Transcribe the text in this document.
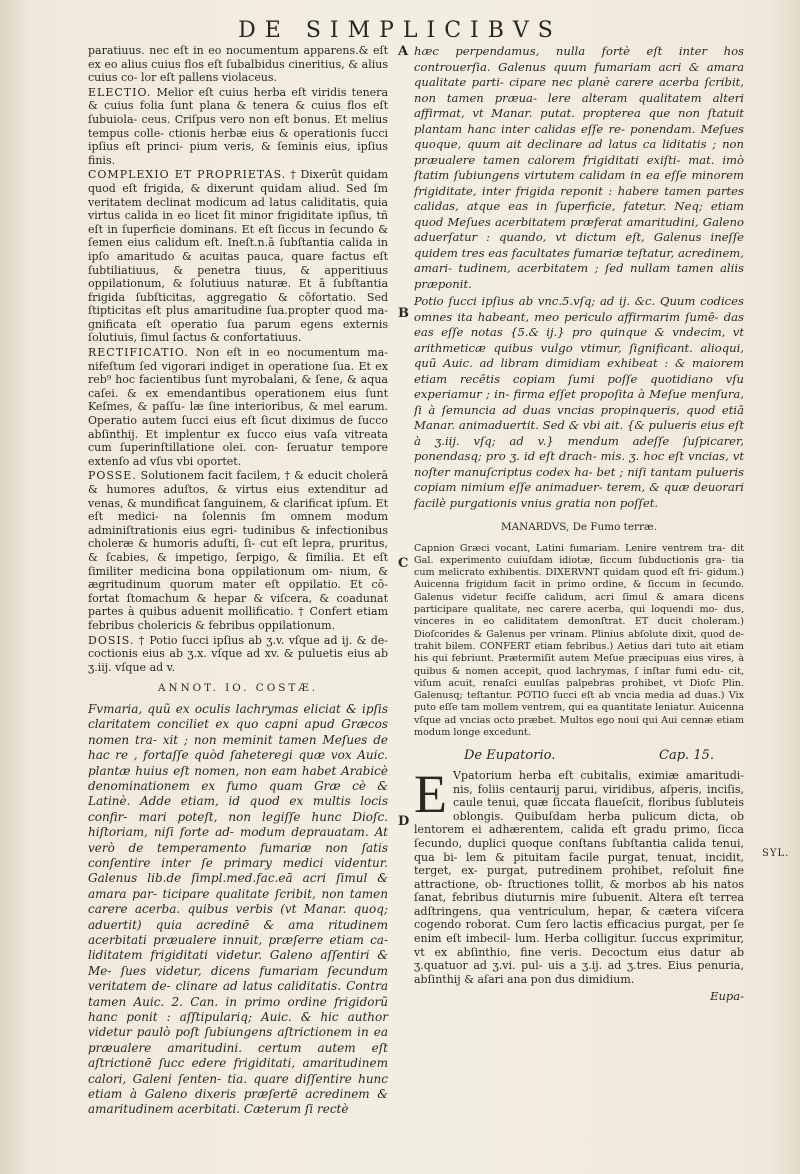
DE SIMPLICIBVS
A
B
C
D
SYL.

paratiuus. nec eſt in eo nocumentum apparens.& eſt ex eo alius cuius flos eſt ſubalbidus cineritius, & alius cuius co- lor eſt pallens violaceus.

ELECTIO. Melior eſt cuius herba eſt viridis tenera & cuius folia ſunt plana & tenera & cuius flos eſt ſubuiola- ceus. Criſpus vero non eſt bonus. Et melius tempus colle- ctionis herbæ eius & operationis ſucci ipſius eſt princi- pium veris, & ſeminis eius, ipſius finis.

COMPLEXIO ET PROPRIETAS. † Dixerūt quidam quod eſt frigida, & dixerunt quidam aliud. Sed ſm veritatem declinat modicum ad latus caliditatis, quia virtus calida in eo licet ſit minor frigiditate ipſius, tñ eſt in ſuperficie dominans. Et eſt ſiccus in ſecundo & ſemen eius calidum eſt. Ineſt.n.ā ſubſtantia calida in ipſo amaritudo & acuitas pauca, quare factus eſt ſubtiliatiuus, & penetra tiuus, & apperitiuus oppilationum, & ſolutiuus naturæ. Et ā ſubſtantia frigida ſubſticitas, aggregatio & cōfortatio. Sed ſtipticitas eſt plus amaritudine ſua.propter quod ma- gnificata eſt operatio ſua parum egens externis ſolutiuis, ſimul ſactus & confortatiuus.

RECTIFICATIO. Non eſt in eo nocumentum ma- nifeſtum ſed vigorari indiget in operatione ſua. Et ex reb⁹ hoc facientibus ſunt myrobalani, & ſene, & aqua caſei. & ex emendantibus operationem eius ſunt Keſmes, & paſſu- læ ſine interioribus, & mel earum. Operatio autem ſucci eius eſt ſicut diximus de ſucco abſinthij. Et implentur ex ſucco eius vaſa vitreata cum ſuperinſtillatione olei. con- ſeruatur tempore extenſo ad vſus vbi oportet.

POSSE. Solutionem facit facilem, † & educit cholerā & humores aduſtos, & virtus eius extenditur ad venas, & mundificat ſanguinem, & clarificat ipſum. Et eſt medici- na ſolennis ſm omnem modum adminiſtrationis eius egri- tudinibus & infectionibus choleræ & humoris aduſti, ſi- cut eſt lepra, pruritus, & ſcabies, & impetigo, ſerpigo, & ſimilia. Et eſt ſimiliter medicina bona oppilationum om- nium, & ægritudinum quorum mater eſt oppilatio. Et cō- fortat ſtomachum & hepar & viſcera, & coadunat partes à quibus aduenit mollificatio. † Confert etiam febribus cholericis & febribus oppilationum.

DOSIS. † Potio ſucci ipſius ab ʒ.v. vſque ad ij. & de- coctionis eius ab ʒ.x. vſque ad xv. & puluetis eius ab ʒ.iij. vſque ad v.

ANNOT. IO. COSTÆ.

Fvmaria, quũ ex oculis lachrymas eliciat & ipſis claritatem conciliet ex quo capni apud Græcos nomen tra- xit ; non meminit tamen Meſues de hac re , fortaſſe quòd ſaheteregi quæ vox Auic. plantæ huius eſt nomen, non eam habet Arabicè denominationem ex fumo quam Græ cè & Latinè. Adde etiam, id quod ex multis locis confir- mari poteſt, non legiſſe hunc Dioſc. hiſtoriam, niſi forte ad- modum deprauatam. At verò de temperamento fumariæ non ſatis conſentire inter ſe primary medici videntur. Galenus lib.de ſimpl.med.fac.eā acri ſimul & amara par- ticipare qualitate ſcribit, non tamen carere acerba. quibus verbis (vt Manar. quoq; aduertit) quia acredinē & ama ritudinem acerbitati præualere innuit, præſerre etiam ca- liditatem frigiditati videtur. Galeno aſſentiri & Me- ſues videtur, dicens fumariam ſecundum veritatem de- clinare ad latus caliditatis. Contra tamen Auic. 2. Can. in primo ordine frigidorũ hanc ponit : aſſtipulariq; Auic. & hic author videtur paulò poſt ſubiungens aſtrictionem in ea præualere amaritudini. certum autem eſt aſtrictionē ſucc edere frigiditati, amaritudinem calori, Galeni ſenten- tia. quare diſſentire hunc etiam à Galeno dixeris præſertē acredinem & amaritudinem acerbitati. Cæterum ſi rectè

hæc perpendamus, nulla fortè eſt inter hos controuerſia. Galenus quum fumariam acri & amara qualitate parti- cipare nec planè carere acerba ſcribit, non tamen præua- lere alteram qualitatem alteri affirmat, vt Manar. putat. propterea que non ſtatuit plantam hanc inter calidas eſſe re- ponendam. Meſues quoque, quum ait declinare ad latus ca liditatis ; non præualere tamen calorem frigiditati exiſti- mat. imò ſtatim ſubiungens virtutem calidam in ea eſſe minorem frigiditate, inter frigida reponit : habere tamen partes calidas, atque eas in ſuperficie, fatetur. Neq; etiam quod Meſues acerbitatem præferat amaritudini, Galeno aduerſatur : quando, vt dictum eſt, Galenus ineſſe quidem tres eas facultates fumariæ teſtatur, acredinem, amari- tudinem, acerbitatem ; ſed nullam tamen aliis præponit.

Potio ſucci ipſius ab vnc.5.vſq; ad ij. &c. Quum codices omnes ita habeant, meo periculo affirmarim ſumē- das eas eſſe notas {5.& ij.} pro quinque & vndecim, vt arithmeticæ quibus vulgo vtimur, ſignificant. alioqui, quũ Auic. ad libram dimidiam exhibeat : & maiorem etiam recētis copiam ſumi poſſe quotidiano vſu experiamur ; in- firma eſſet propoſita à Meſue menſura, ſi à ſemuncia ad duas vncias propinqueris, quod etiā Manar. animaduertit. Sed & vbi ait. {& pulueris eius eſt à ʒ.iij. vſq; ad v.} mendum adeſſe ſuſpicarer, ponendasq; pro ʒ. id eſt drach- mis. ʒ. hoc eſt vncias, vt noſter manuſcriptus codex ha- bet ; niſi tantam pulueris copiam nimium eſſe animaduer- terem, & quæ deuorari facilè purgationis vnius gratia non poſſet.

MANARDVS, De Fumo terræ.

Capnion Græci vocant, Latini fumariam. Lenire ventrem tra- dit Gal. experimento cuiuſdam idiotæ, ſiccum ſubductionis gra- tia cum melicrato exhibentis. DIXERVNT quidam quod eſt fri- gidum.) Auicenna frigidum facit in primo ordine, & ſiccum in ſecundo. Galenus videtur feciſſe calidum, acri ſimul & amara dicens participare qualitate, nec carere acerba, qui loquendi mo- dus, vinceres in eo caliditatem demonſtrat. ET ducit choleram.) Dioſcorides & Galenus per vrinam. Plinius abſolute dixit, quod de- trahit bilem. CONFERT etiam febribus.) Aetius dari tuto ait etiam his qui febriunt. Prætermiſit autem Meſue præcipuas eius vires, à quibus & nomen accepit, quod lachrymas, ſ inſtar fumi edu- cit, viſum acuit, renaſci euulſas palpebras prohibet, vt Dioſc Plin. Galenusq; teſtantur. POTIO ſucci eſt ab vncia media ad duas.) Vix puto eſſe tam mollem ventrem, qui ea quantitate leniatur. Auicenna vſque ad vncias octo præbet. Multos ego noui qui Aui cennæ etiam modum longe excedunt.

De Eupatorio.	Cap. 15.
E Vpatorium herba eſt cubitalis, eximiæ amaritudi- nis, foliis centaurij parui, viridibus, aſperis, inciſis, caule tenui, quæ ſiccata flaueſcit, floribus ſubluteis oblongis. Quibuſdam herba pulicum dicta, ob lentorem ei adhærentem, calida eſt gradu primo, ſicca ſecundo, duplici quoque conſtans ſubſtantia calida tenui, qua bi- lem & pituitam facile purgat, tenuat, incidit, terget, ex- purgat, putredinem prohibet, reſoluit fine attractione, ob- ſtructiones tollit, & morbos ab his natos ſanat, febribus diuturnis mire ſubuenit. Altera eſt terrea adſtringens, qua ventriculum, hepar, & cætera viſcera cogendo roborat. Cum ſero lactis efficacius purgat, per ſe enim eſt imbecil- lum. Herba colligitur. ſuccus exprimitur, vt ex abſinthio, fine veris. Decoctum eius datur ab ʒ.quatuor ad ʒ.vi. pul- uis a ʒ.ij. ad ʒ.tres. Eius penuria, abſinthij & aſari ana pon dus dimidium.
Eupa-
